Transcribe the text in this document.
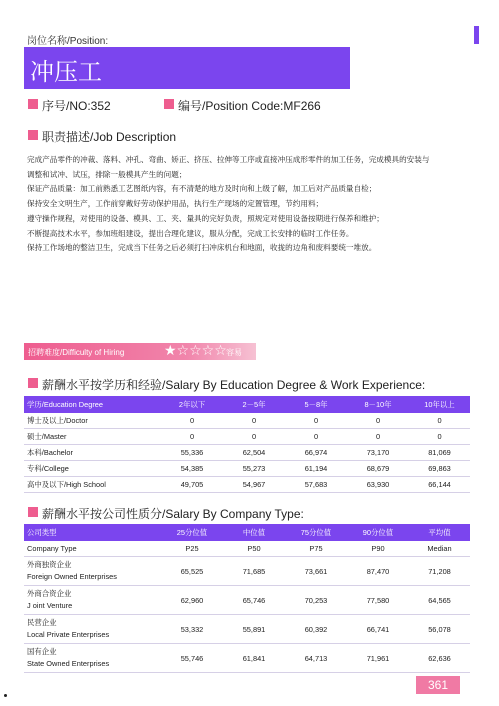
岗位名称/Position:
冲压工
序号/NO:352	编号/Position Code:MF266
职责描述/Job Description
完成产品零件的冲裁、落料、冲孔、弯曲、矫正、挤压、拉伸等工序或直接冲压成形零件的加工任务，完成模具的安装与
调整和试冲、试压，排除一般模具产生的问题；
保证产品质量：加工前熟悉工艺图纸内容，有不清楚的地方及时向和上级了解，加工后对产品质量自检；
保持安全文明生产，工作前穿戴好劳动保护用品，执行生产现场的定置管理，节约用料；
遵守操作规程，对使用的设备、模具、工、夹、量具的完好负责，照规定对使用设备按期进行保养和维护；
不断提高技术水平，参加班组建设，提出合理化建议，服从分配，完成工长安排的临时工作任务。
保持工作场地的整洁卫生，完成当下任务之后必须打扫冲床机台和地面，收拢的边角和废料要统一堆放。
招聘难度/Difficulty of Hiring	★☆☆☆☆ 容易
薪酬水平按学历和经验/Salary By Education Degree & Work Experience:
学历/Education Degree	2年以下	2－5年	5－8年	8－10年	10年以上
博士及以上/Doctor	0	0	0	0	0
硕士/Master	0	0	0	0	0
本科/Bachelor	55,336	62,504	66,974	73,170	81,069
专科/College	54,385	55,273	61,194	68,679	69,863
高中及以下/High School	49,705	54,967	57,683	63,930	66,144
薪酬水平按公司性质分/Salary By Company Type:
公司类型	25分位值	中位值	75分位值	90分位值	平均值
Company Type	P25	P50	P75	P90	Median

外商独资企业
Foreign Owned Enterprises	65,525	71,685	73,661	87,470	71,208

外商合资企业
J oint Venture	62,960	65,746	70,253	77,580	64,565

民营企业
Local Private Enterprises	53,332	55,891	60,392	66,741	56,078

国有企业
State Owned Enterprises	55,746	61,841	64,713	71,961	62,636
361
